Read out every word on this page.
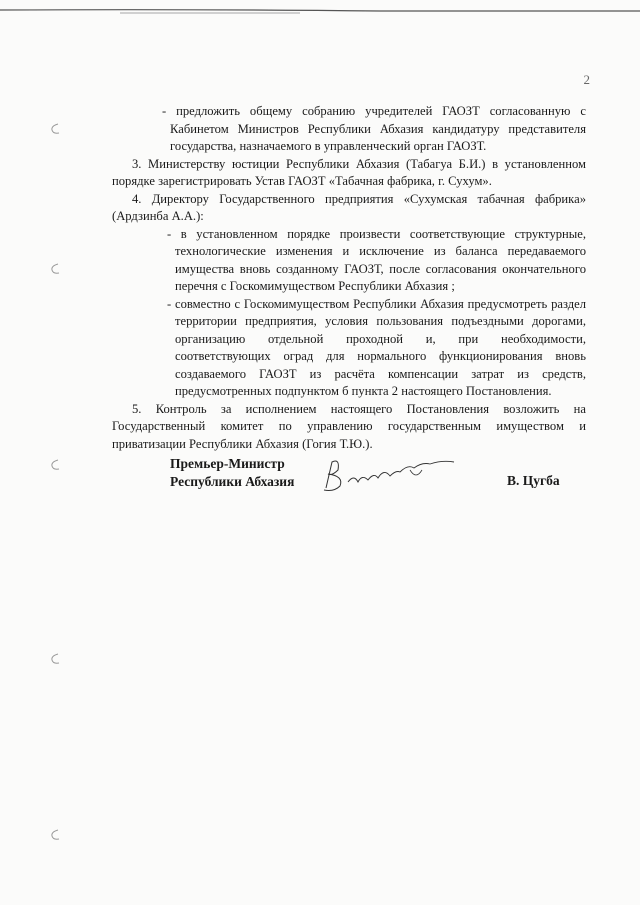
2

- предложить общему собранию учредителей ГАОЗТ согласованную с Кабинетом Министров Республики Абхазия кандидатуру представителя государства, назначаемого в управленческий орган ГАОЗТ.

3. Министерству юстиции Республики Абхазия (Табагуа Б.И.) в установленном порядке зарегистрировать Устав ГАОЗТ «Табачная фабрика, г. Сухум».

4. Директору Государственного предприятия «Сухумская табачная фабрика» (Ардзинба А.А.):

- в установленном порядке произвести соответствующие структурные, технологические изменения и исключение из баланса передаваемого имущества вновь созданному ГАОЗТ, после согласования окончательного перечня с Госкомимуществом Республики Абхазия ;

- совместно с Госкомимуществом Республики Абхазия предусмотреть раздел территории предприятия, условия пользования подъездными дорогами, организацию отдельной проходной и, при необходимости, соответствующих оград для нормального функционирования вновь создаваемого ГАОЗТ из расчёта компенсации затрат из средств, предусмотренных подпунктом б пункта 2 настоящего Постановления.

5. Контроль за исполнением настоящего Постановления возложить на Государственный комитет по управлению государственным имуществом и приватизации Республики Абхазия (Гогия Т.Ю.).

Премьер-Министр
Республики Абхазия	В. Цугба
